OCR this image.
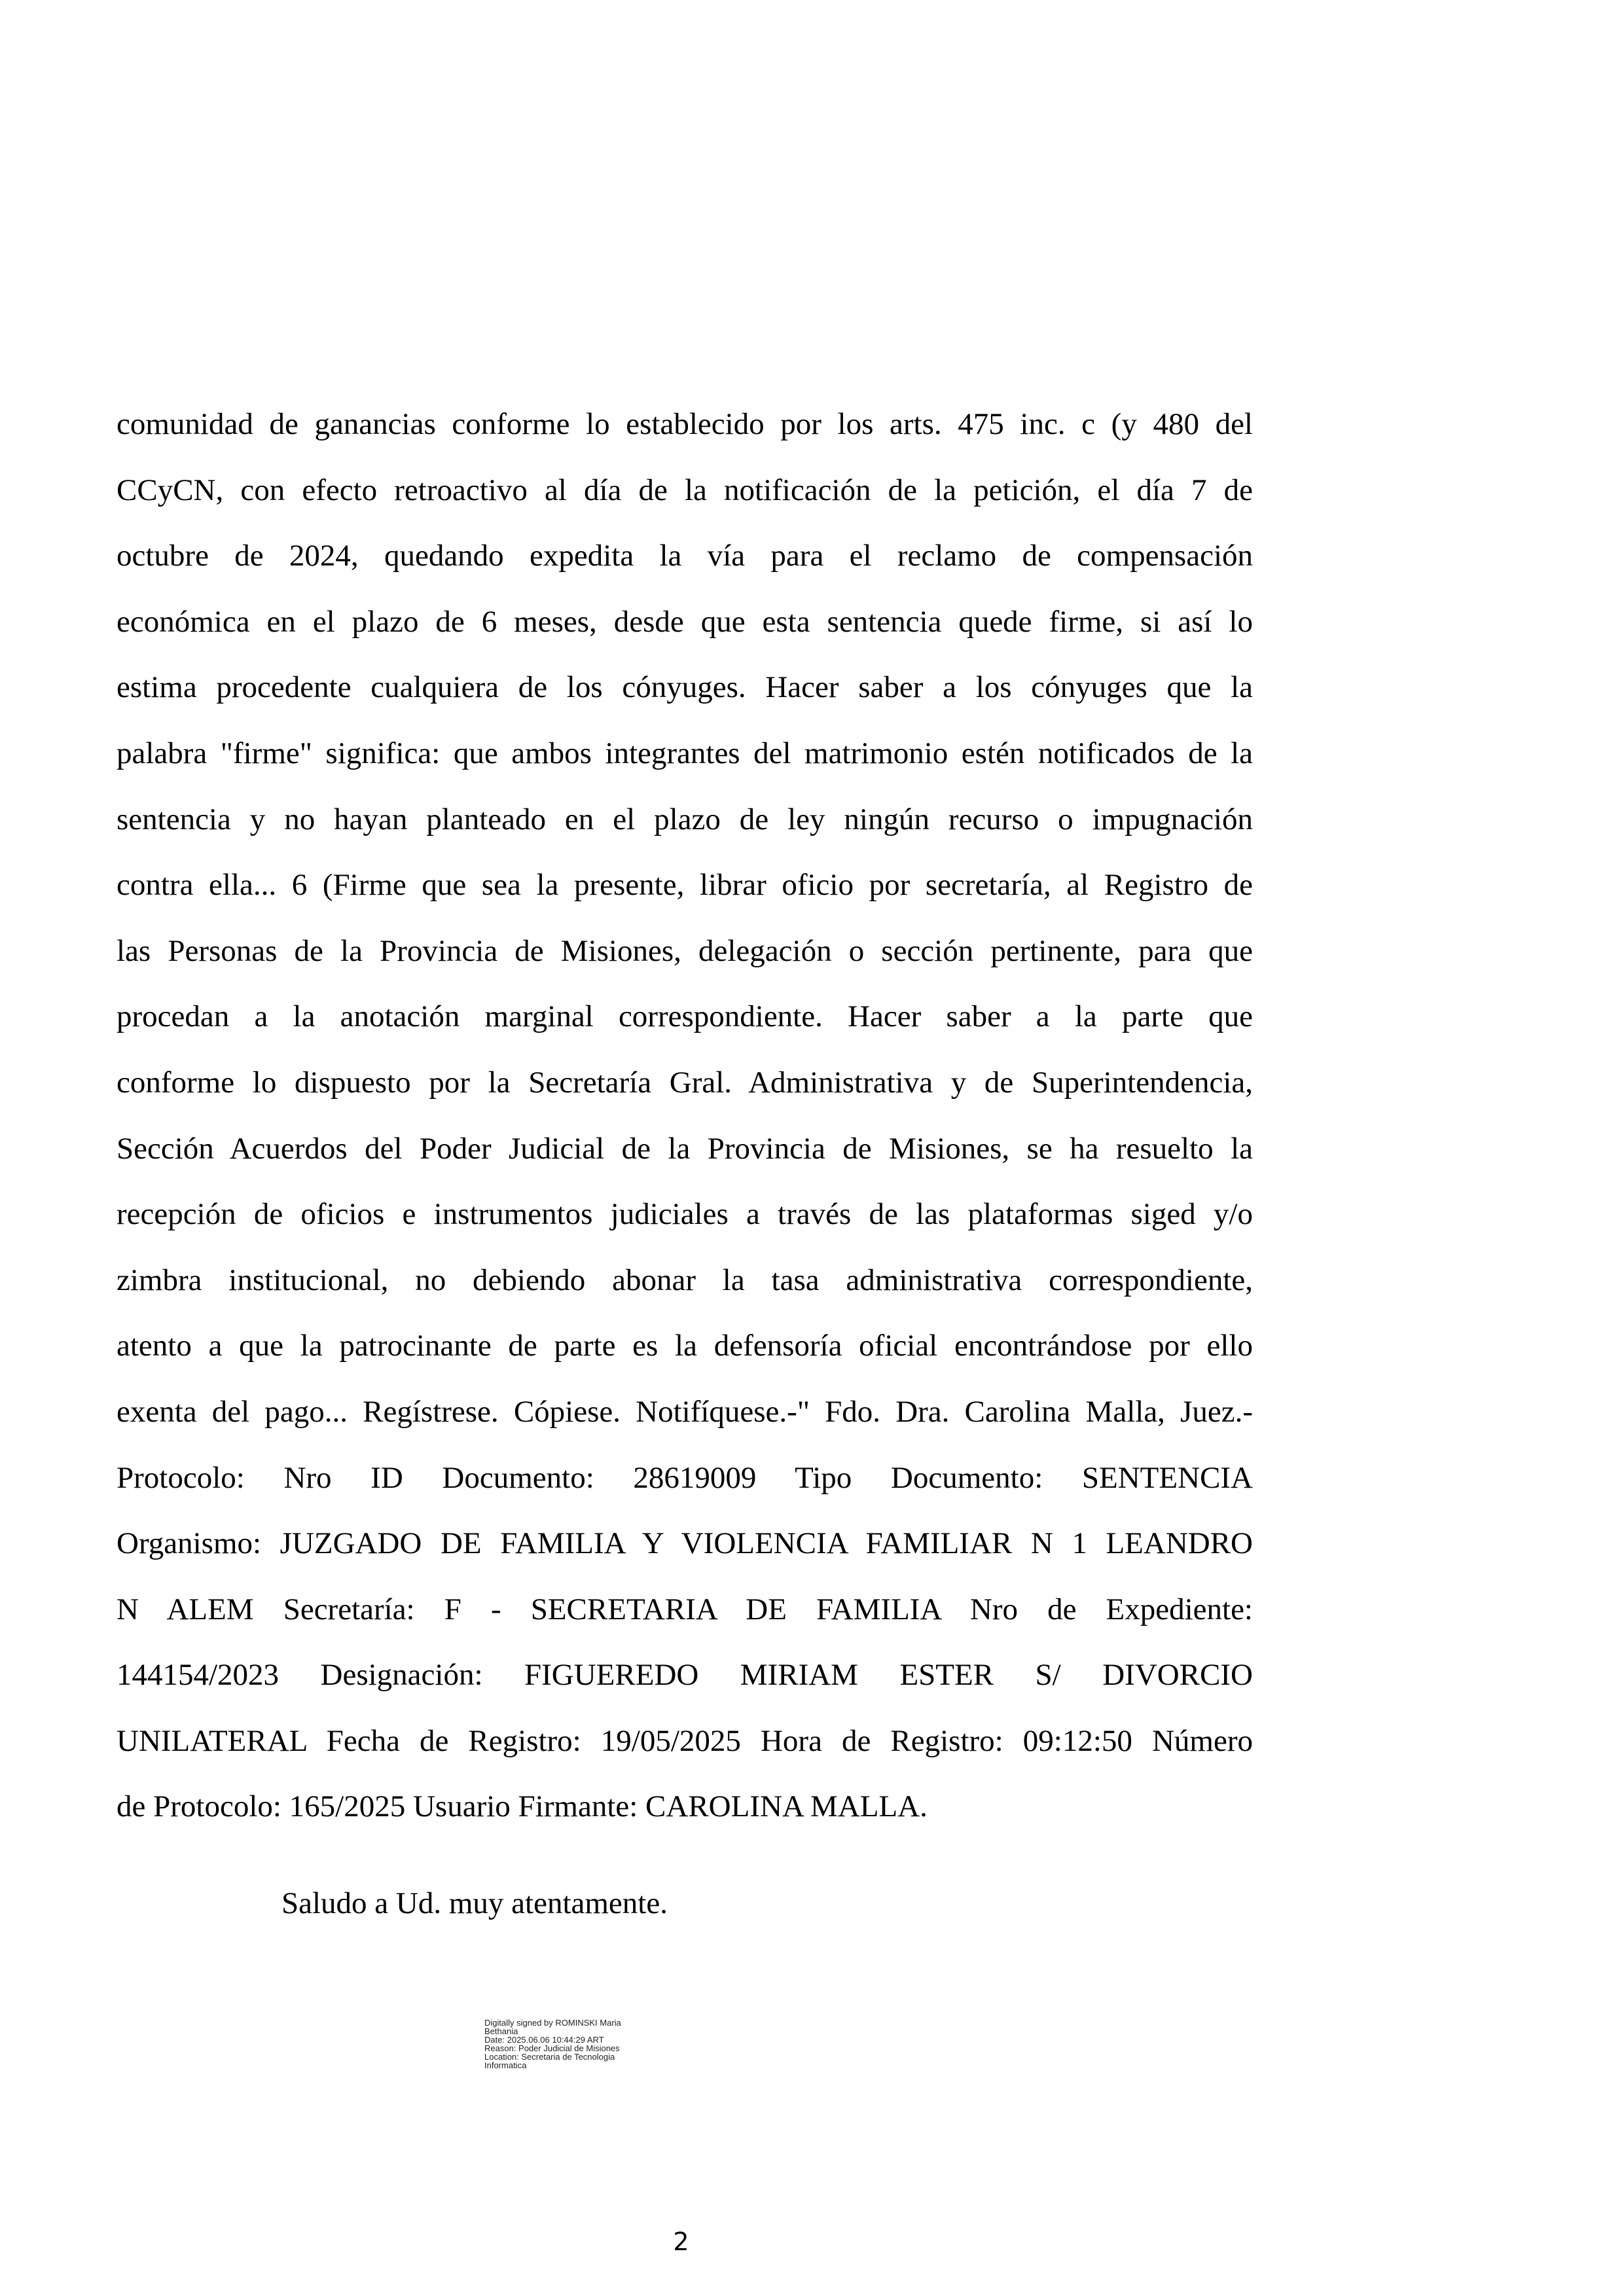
comunidad de ganancias conforme lo establecido por los arts. 475 inc. c (y 480 del
CCyCN, con efecto retroactivo al día de la notificación de la petición, el día 7 de
octubre de 2024, quedando expedita la vía para el reclamo de compensación
económica en el plazo de 6 meses, desde que esta sentencia quede firme, si así lo
estima procedente cualquiera de los cónyuges. Hacer saber a los cónyuges que la
palabra "firme" significa: que ambos integrantes del matrimonio estén notificados de la
sentencia y no hayan planteado en el plazo de ley ningún recurso o impugnación
contra ella... 6 (Firme que sea la presente, librar oficio por secretaría, al Registro de
las Personas de la Provincia de Misiones, delegación o sección pertinente, para que
procedan a la anotación marginal correspondiente. Hacer saber a la parte que
conforme lo dispuesto por la Secretaría Gral. Administrativa y de Superintendencia,
Sección Acuerdos del Poder Judicial de la Provincia de Misiones, se ha resuelto la
recepción de oficios e instrumentos judiciales a través de las plataformas siged y/o
zimbra institucional, no debiendo abonar la tasa administrativa correspondiente,
atento a que la patrocinante de parte es la defensoría oficial encontrándose por ello
exenta del pago... Regístrese. Cópiese. Notifíquese.-" Fdo. Dra. Carolina Malla, Juez.-
Protocolo: Nro ID Documento: 28619009 Tipo Documento: SENTENCIA
Organismo: JUZGADO DE FAMILIA Y VIOLENCIA FAMILIAR N 1 LEANDRO
N ALEM Secretaría: F - SECRETARIA DE FAMILIA Nro de Expediente:
144154/2023 Designación: FIGUEREDO MIRIAM ESTER S/ DIVORCIO
UNILATERAL Fecha de Registro: 19/05/2025 Hora de Registro: 09:12:50 Número
de Protocolo: 165/2025 Usuario Firmante: CAROLINA MALLA.
Saludo a Ud. muy atentamente.
Digitally signed by ROMINSKI Maria
Bethania
Date: 2025.06.06 10:44:29 ART
Reason: Poder Judicial de Misiones
Location: Secretaria de Tecnologia
Informatica
2
